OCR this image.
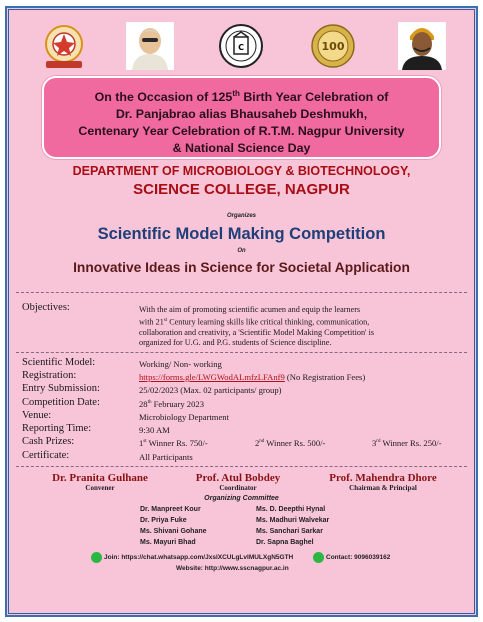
C	100
On the Occasion of 125th Birth Year Celebration of
Dr. Panjabrao alias Bhausaheb Deshmukh,
Centenary Year Celebration of R.T.M. Nagpur University
& National Science Day
DEPARTMENT OF MICROBIOLOGY & BIOTECHNOLOGY,
SCIENCE COLLEGE, NAGPUR
Organizes
Scientific Model Making Competition
On
Innovative Ideas in Science for Societal Application
Objectives:	With the aim of promoting scientific acumen and equip the learners
with 21st Century learning skills like critical thinking, communication,
collaboration and creativity, a 'Scientific Model Making Competition' is
organized for U.G. and P.G. students of Science discipline.
Scientific Model:	Working/ Non- working
Registration:	https://forms.gle/LWGWodALmfzLFAnf9 (No Registration Fees)
Entry Submission:	25/02/2023 (Max. 02 participants/ group)
Competition Date:	28th February 2023
Venue:	Microbiology Department
Reporting Time:	9:30 AM
Cash Prizes:	1st Winner Rs. 750/-	2nd Winner Rs. 500/-	3rd Winner Rs. 250/-
Certificate:	All Participants
Dr. Pranita Gulhane
Convener
Prof. Atul Bobdey
Coordinator
Prof. Mahendra Dhore
Chairman & Principal
Organizing Committee
Dr. Manpreet Kour
Dr. Priya Fuke
Ms. Shivani Gohane
Ms. Mayuri Bhad
Ms. D. Deepthi Hynal
Ms. Madhuri Walvekar
Ms. Sanchari Sarkar
Dr. Sapna Baghel
Join: https://chat.whatsapp.com/JxslXCULgLvIMULXgN5GTH	Contact: 9096039162
Website: http://www.sscnagpur.ac.in
